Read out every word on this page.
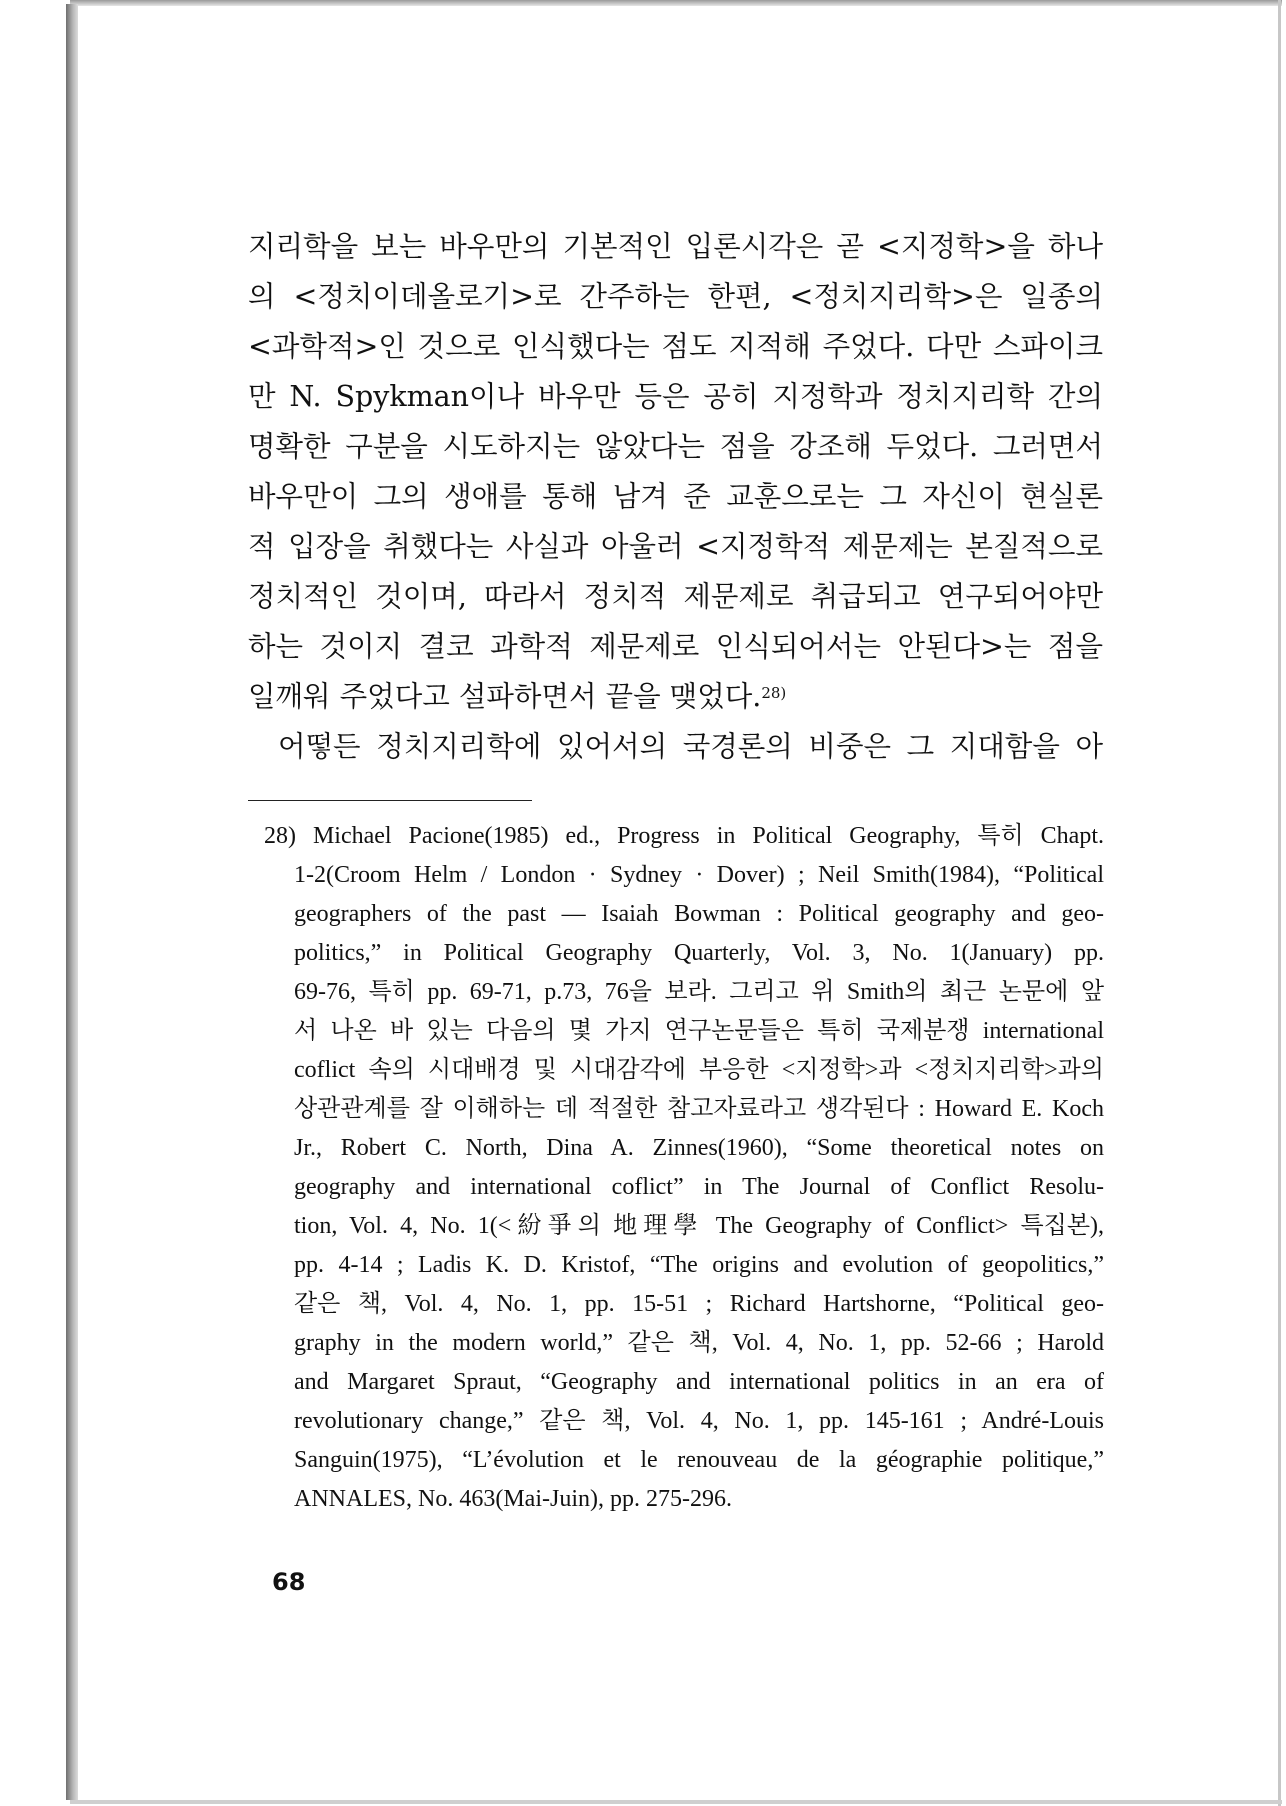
지리학을 보는 바우만의 기본적인 입론시각은 곧 <지정학>을 하나
의 <정치이데올로기>로 간주하는 한편, <정치지리학>은 일종의
<과학적>인 것으로 인식했다는 점도 지적해 주었다. 다만 스파이크
만 N. Spykman이나 바우만 등은 공히 지정학과 정치지리학 간의
명확한 구분을 시도하지는 않았다는 점을 강조해 두었다. 그러면서
바우만이 그의 생애를 통해 남겨 준 교훈으로는 그 자신이 현실론
적 입장을 취했다는 사실과 아울러 <지정학적 제문제는 본질적으로
정치적인 것이며, 따라서 정치적 제문제로 취급되고 연구되어야만
하는 것이지 결코 과학적 제문제로 인식되어서는 안된다>는 점을
일깨워 주었다고 설파하면서 끝을 맺었다.$^{28)}$
어떻든 정치지리학에 있어서의 국경론의 비중은 그 지대함을 아
28) Michael Pacione(1985) ed., Progress in Political Geography, 특히 Chapt.
1-2(Croom Helm / London · Sydney · Dover) ; Neil Smith(1984), “Political
geographers of the past — Isaiah Bowman : Political geography and geo-
politics,” in Political Geography Quarterly, Vol. 3, No. 1(January) pp.
69-76, 특히 pp. 69-71, p.73, 76을 보라. 그리고 위 Smith의 최근 논문에 앞
서 나온 바 있는 다음의 몇 가지 연구논문들은 특히 국제분쟁 international
coflict 속의 시대배경 및 시대감각에 부응한 <지정학>과 <정치지리학>과의
상관관계를 잘 이해하는 데 적절한 참고자료라고 생각된다 : Howard E. Koch
Jr., Robert C. North, Dina A. Zinnes(1960), “Some theoretical notes on
geography and international coflict” in The Journal of Conflict Resolu-
tion, Vol. 4, No. 1(<紛爭의 地理學 The Geography of Conflict> 특집본),
pp. 4-14 ; Ladis K. D. Kristof, “The origins and evolution of geopolitics,”
같은 책, Vol. 4, No. 1, pp. 15-51 ; Richard Hartshorne, “Political geo-
graphy in the modern world,” 같은 책, Vol. 4, No. 1, pp. 52-66 ; Harold
and Margaret Spraut, “Geography and international politics in an era of
revolutionary change,” 같은 책, Vol. 4, No. 1, pp. 145-161 ; André-Louis
Sanguin(1975), “L’évolution et le renouveau de la géographie politique,”
ANNALES, No. 463(Mai-Juin), pp. 275-296.
68
